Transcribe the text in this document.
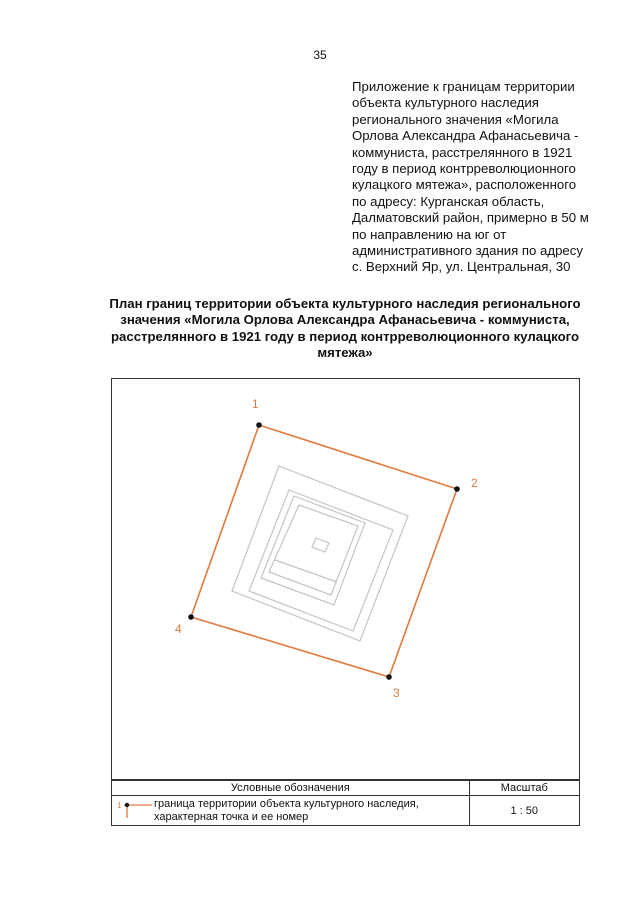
35
Приложение к границам территории
объекта культурного наследия
регионального значения «Могила
Орлова Александра Афанасьевича -
коммуниста, расстрелянного в 1921
году в период контрреволюционного
кулацкого мятежа», расположенного
по адресу: Курганская область,
Далматовский район, примерно в 50 м
по направлению на юг от
административного здания по адресу
с. Верхний Яр, ул. Центральная, 30
План границ территории объекта культурного наследия регионального
значения «Могила Орлова Александра Афанасьевича - коммуниста,
расстрелянного в 1921 году в период контрреволюционного кулацкого
мятежа»
1
2
3
4
Условные обозначения	Масштаб

1 граница территории объекта культурного наследия,
характерная точка и ее номер	1 : 50
